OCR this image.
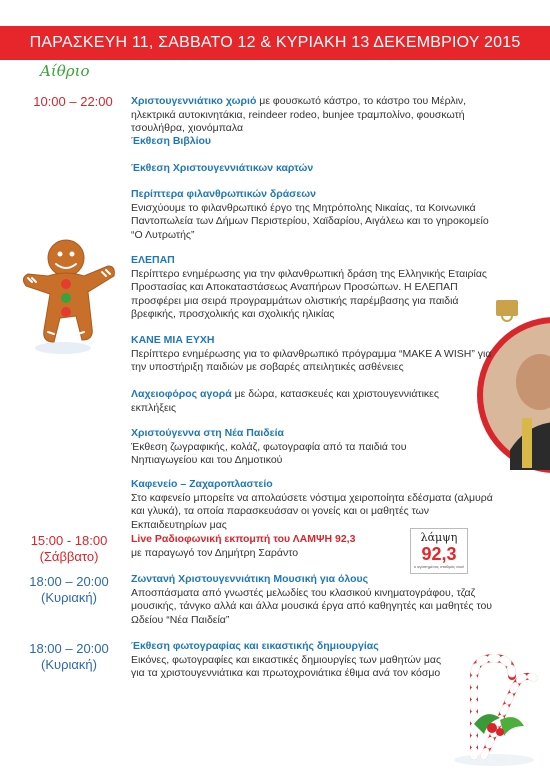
ΠΑΡΑΣΚΕΥΗ 11, ΣΑΒΒΑΤΟ 12 & ΚΥΡΙΑΚΗ 13 ΔΕΚΕΜΒΡΙΟΥ 2015
Αίθριο
λάμψη
92,3
ο αγαπημένος σταθμός σου!
10:00 – 22:00
15:00 - 18:00
(Σάββατο)
18:00 – 20:00
(Κυριακή)
18:00 – 20:00
(Κυριακή)
Χριστουγεννιάτικο χωριό με φουσκωτό κάστρο, το κάστρο του Μέρλιν, ηλεκτρικά αυτοκινητάκια, reindeer rodeo, bunjee τραμπολίνο, φουσκωτή τσουλήθρα, χιονόμπαλα
Έκθεση Βιβλίου
Έκθεση Χριστουγεννιάτικων καρτών
Περίπτερα φιλανθρωπικών δράσεων
Ενισχύουμε το φιλανθρωπικό έργο της Μητρόπολης Νικαίας, τα Κοινωνικά Παντοπωλεία των Δήμων Περιστερίου, Χαϊδαρίου, Αιγάλεω και το γηροκομείο “Ο Λυτρωτής”
ΕΛΕΠΑΠ
Περίπτερο ενημέρωσης για την φιλανθρωπική δράση της Ελληνικής Εταιρίας Προστασίας και Αποκαταστάσεως Αναπήρων Προσώπων. Η ΕΛΕΠΑΠ προσφέρει μια σειρά προγραμμάτων ολιστικής παρέμβασης για παιδιά βρεφικής, προσχολικής και σχολικής ηλικίας
ΚΑΝΕ ΜΙΑ ΕΥΧΗ
Περίπτερο ενημέρωσης για το φιλανθρωπικό πρόγραμμα “MAKE A WISH” για την υποστήριξη παιδιών με σοβαρές απειλητικές ασθένειες
Λαχειοφόρος αγορά με δώρα, κατασκευές και χριστουγεννιάτικες εκπλήξεις
Χριστούγεννα στη Νέα Παιδεία
Έκθεση ζωγραφικής, κολάζ, φωτογραφία από τα παιδιά του Νηπιαγωγείου και του Δημοτικού
Καφενείο – Ζαχαροπλαστείο
Στο καφενείο μπορείτε να απολαύσετε νόστιμα χειροποίητα εδέσματα (αλμυρά και γλυκά), τα οποία παρασκευάσαν οι γονείς και οι μαθητές των Εκπαιδευτηρίων μας
Live Ραδιοφωνική εκπομπή του ΛΑΜΨΗ 92,3
με παραγωγό τον Δημήτρη Σαράντο
Ζωντανή Χριστουγεννιάτικη Μουσική για όλους
Αποσπάσματα από γνωστές μελωδίες του κλασικού κινηματογράφου, τζαζ μουσικής, τάνγκο αλλά και άλλα μουσικά έργα από καθηγητές και μαθητές του Ωδείου “Νέα Παιδεία”
Έκθεση φωτογραφίας και εικαστικής δημιουργίας
Εικόνες, φωτογραφίες και εικαστικές δημιουργίες των μαθητών μας για τα χριστουγεννιάτικα και πρωτοχρονιάτικα έθιμα ανά τον κόσμο
